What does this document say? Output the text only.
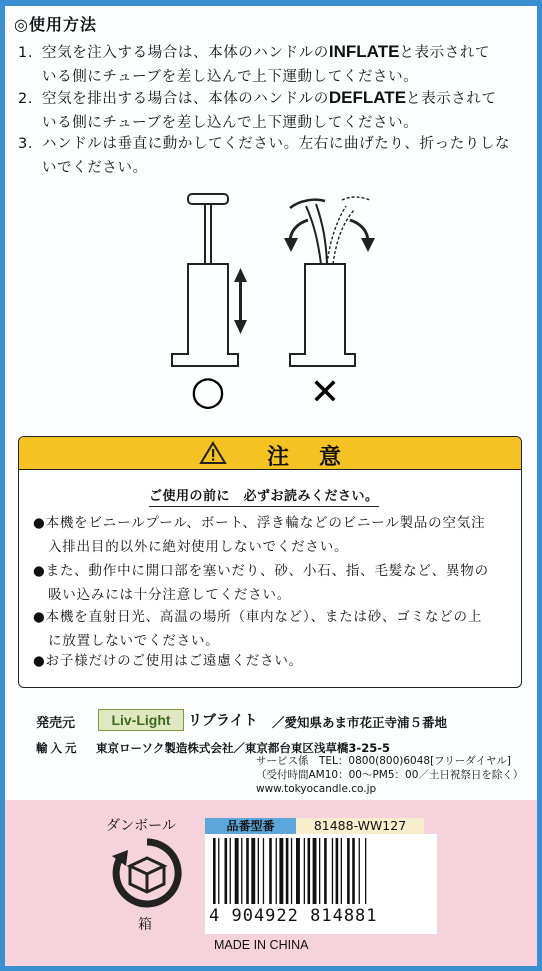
◎使用方法
1. 空気を注入する場合は、本体のハンドルのINFLATEと表示されて
いる側にチューブを差し込んで上下運動してください。
2. 空気を排出する場合は、本体のハンドルのDEFLATEと表示されて
いる側にチューブを差し込んで上下運動してください。
3. ハンドルは垂直に動かしてください。左右に曲げたり、折ったりしな
いでください。
○ ✕
注意
ご使用の前に　必ずお読みください。
●本機をビニールプール、ボート、浮き輪などのビニール製品の空気注
入排出目的以外に絶対使用しないでください。
●また、動作中に開口部を塞いだり、砂、小石、指、毛髪など、異物の
吸い込みには十分注意してください。
●本機を直射日光、高温の場所（車内など）、または砂、ゴミなどの上
に放置しないでください。
●お子様だけのご使用はご遠慮ください。
発売元	Liv-Light	リブライト ／愛知県あま市花正寺浦５番地
輸入元 東京ローソク製造株式会社／東京都台東区浅草橋3-25-5
サービス係　TEL：0800(800)6048[フリーダイヤル]
（受付時間AM10：00～PM5：00／土日祝祭日を除く）
www.tokyocandle.co.jp
ダンボール
箱
品番型番	81488-WW127
4 904922 814881
MADE IN CHINA
